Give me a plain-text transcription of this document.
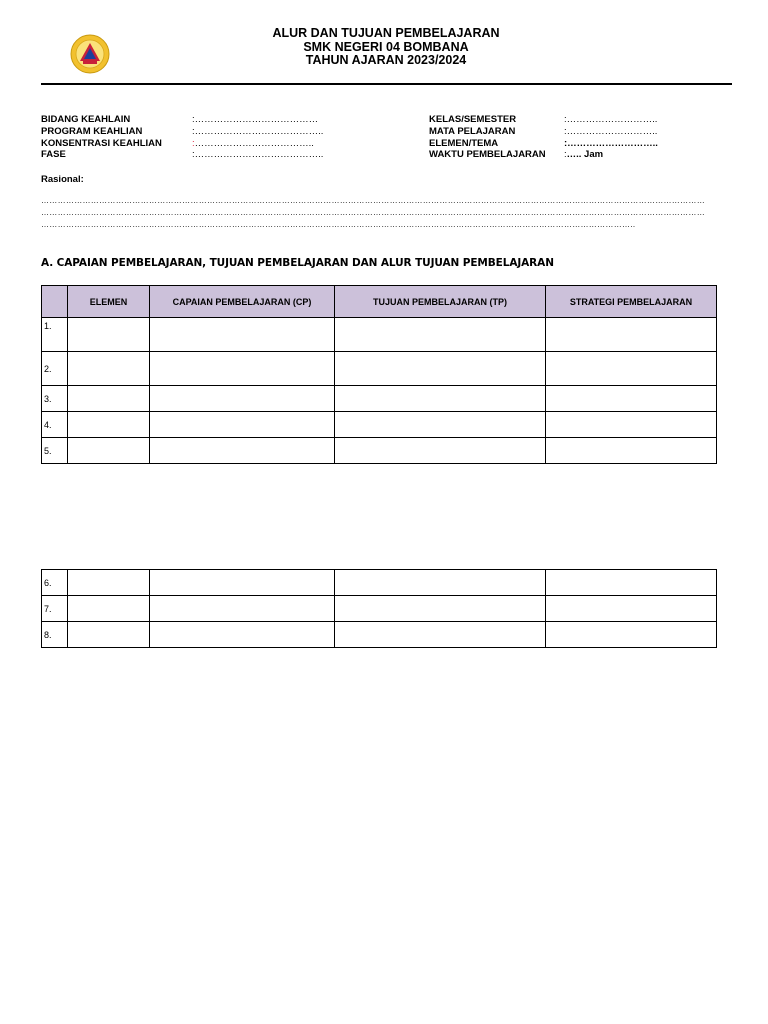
ALUR DAN TUJUAN PEMBELAJARAN
SMK NEGERI 04 BOMBANA
TAHUN AJARAN 2023/2024
BIDANG KEAHLAIN	: …………………………………
PROGRAM KEAHLIAN	: …………………………………..
KONSENTRASI KEAHLIAN	: ………………………………..
FASE	: …………………………………..
KELAS/SEMESTER	: ………………………..
MATA PELAJARAN	: ………………………..
ELEMEN/TEMA	: ………………………..
WAKTU PEMBELAJARAN	: ….. Jam
Rasional:
……………………………………………………………………………………………………………………………………………………………………………………………………………………
……………………………………………………………………………………………………………………………………………………………………………………………………………………
……………………………………………………………………………………………………………………………………………………………………………………………..
A. CAPAIAN PEMBELAJARAN, TUJUAN PEMBELAJARAN DAN ALUR TUJUAN PEMBELAJARAN
	ELEMEN	CAPAIAN PEMBELAJARAN (CP)	TUJUAN PEMBELAJARAN (TP)	STRATEGI PEMBELAJARAN
1.				
2.				
3.				
4.				
5.				
6.				
7.				
8.				
